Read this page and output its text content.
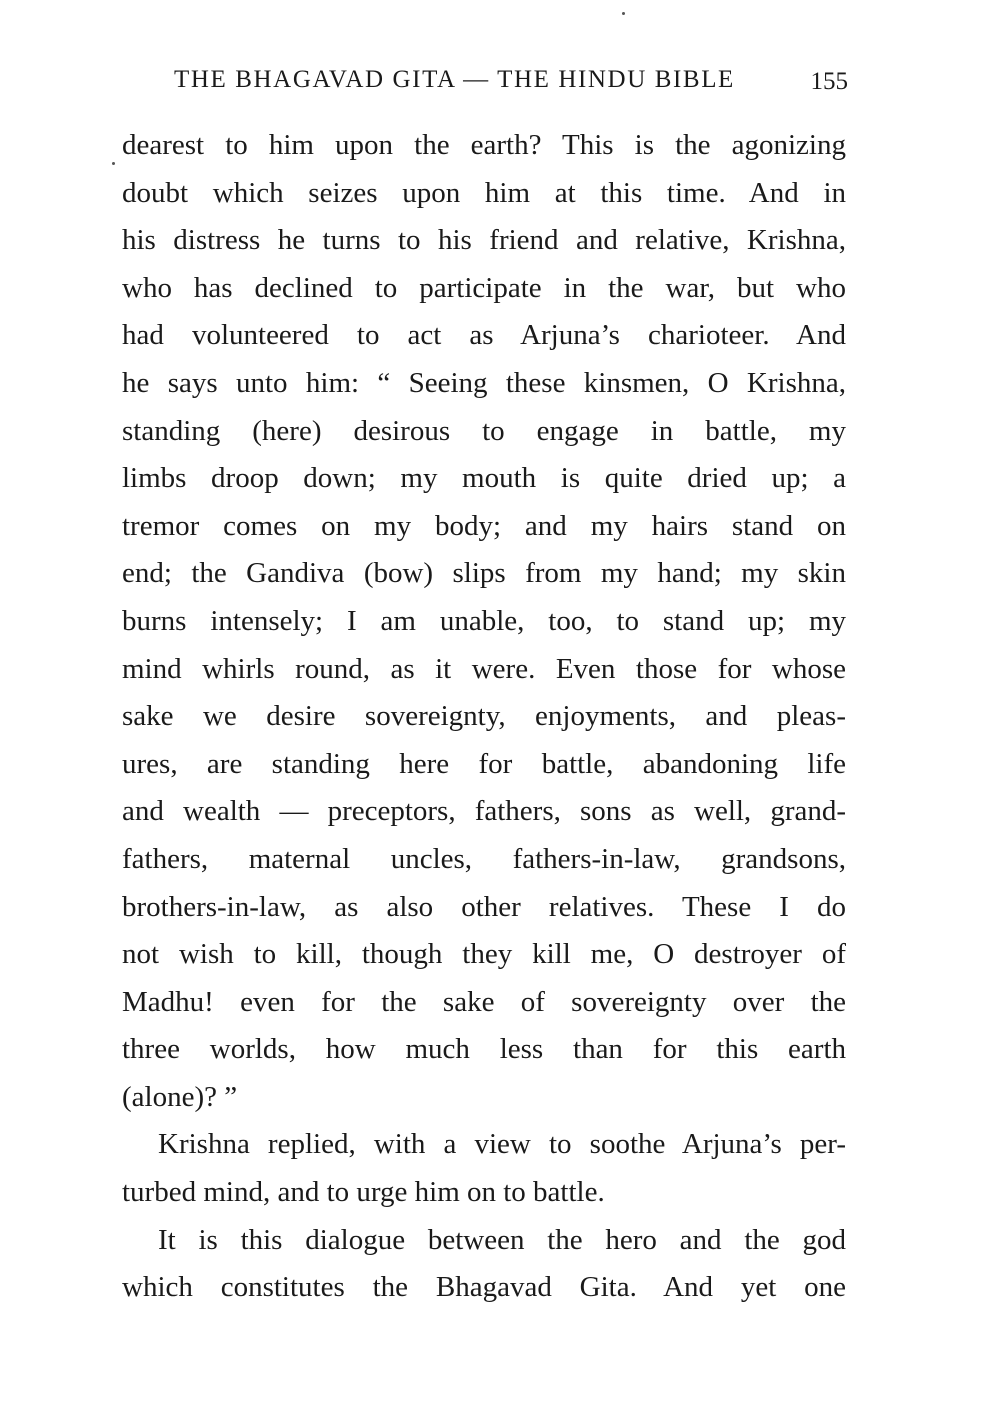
THE BHAGAVAD GITA — THE HINDU BIBLE	155
dearest to him upon the earth? This is the agonizing
doubt which seizes upon him at this time. And in
his distress he turns to his friend and relative, Krishna,
who has declined to participate in the war, but who
had volunteered to act as Arjuna’s charioteer. And
he says unto him: “ Seeing these kinsmen, O Krishna,
standing (here) desirous to engage in battle, my
limbs droop down; my mouth is quite dried up; a
tremor comes on my body; and my hairs stand on
end; the Gandiva (bow) slips from my hand; my skin
burns intensely; I am unable, too, to stand up; my
mind whirls round, as it were. Even those for whose
sake we desire sovereignty, enjoyments, and pleas-
ures, are standing here for battle, abandoning life
and wealth — preceptors, fathers, sons as well, grand-
fathers, maternal uncles, fathers-in-law, grandsons,
brothers-in-law, as also other relatives. These I do
not wish to kill, though they kill me, O destroyer of
Madhu! even for the sake of sovereignty over the
three worlds, how much less than for this earth
(alone)? ”
Krishna replied, with a view to soothe Arjuna’s per-
turbed mind, and to urge him on to battle.
It is this dialogue between the hero and the god
which constitutes the Bhagavad Gita. And yet one
